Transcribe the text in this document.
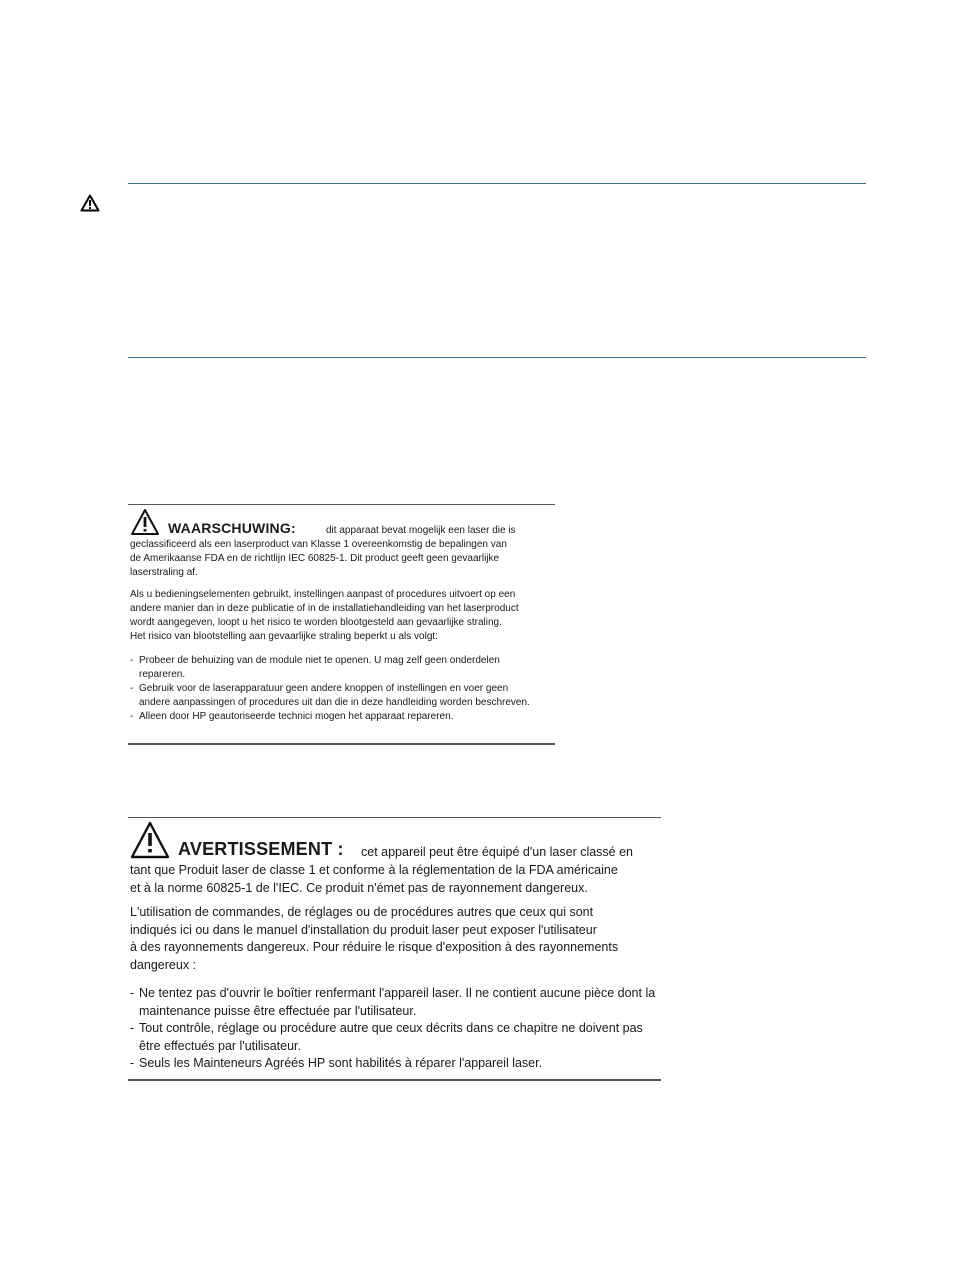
WAARSCHUWING:	dit apparaat bevat mogelijk een laser die is

geclassificeerd als een laserproduct van Klasse 1 overeenkomstig de bepalingen van
de Amerikaanse FDA en de richtlijn IEC 60825-1. Dit product geeft geen gevaarlijke
laserstraling af.

Als u bedieningselementen gebruikt, instellingen aanpast of procedures uitvoert op een
andere manier dan in deze publicatie of in de installatiehandleiding van het laserproduct
wordt aangegeven, loopt u het risico te worden blootgesteld aan gevaarlijke straling.
Het risico van blootstelling aan gevaarlijke straling beperkt u als volgt:

- Probeer de behuizing van de module niet te openen. U mag zelf geen onderdelen repareren.
- Gebruik voor de laserapparatuur geen andere knoppen of instellingen en voer geen andere aanpassingen of procedures uit dan die in deze handleiding worden beschreven.
- Alleen door HP geautoriseerde technici mogen het apparaat repareren.
AVERTISSEMENT : cet appareil peut être équipé d'un laser classé en

tant que Produit laser de classe 1 et conforme à la réglementation de la FDA américaine
et à la norme 60825-1 de l'IEC. Ce produit n'émet pas de rayonnement dangereux.

L'utilisation de commandes, de réglages ou de procédures autres que ceux qui sont
indiqués ici ou dans le manuel d'installation du produit laser peut exposer l'utilisateur
à des rayonnements dangereux. Pour réduire le risque d'exposition à des rayonnements
dangereux :

- Ne tentez pas d'ouvrir le boîtier renfermant l'appareil laser. Il ne contient aucune pièce dont la maintenance puisse être effectuée par l'utilisateur.
- Tout contrôle, réglage ou procédure autre que ceux décrits dans ce chapitre ne doivent pas être effectués par l'utilisateur.
- Seuls les Mainteneurs Agréés HP sont habilités à réparer l'appareil laser.
